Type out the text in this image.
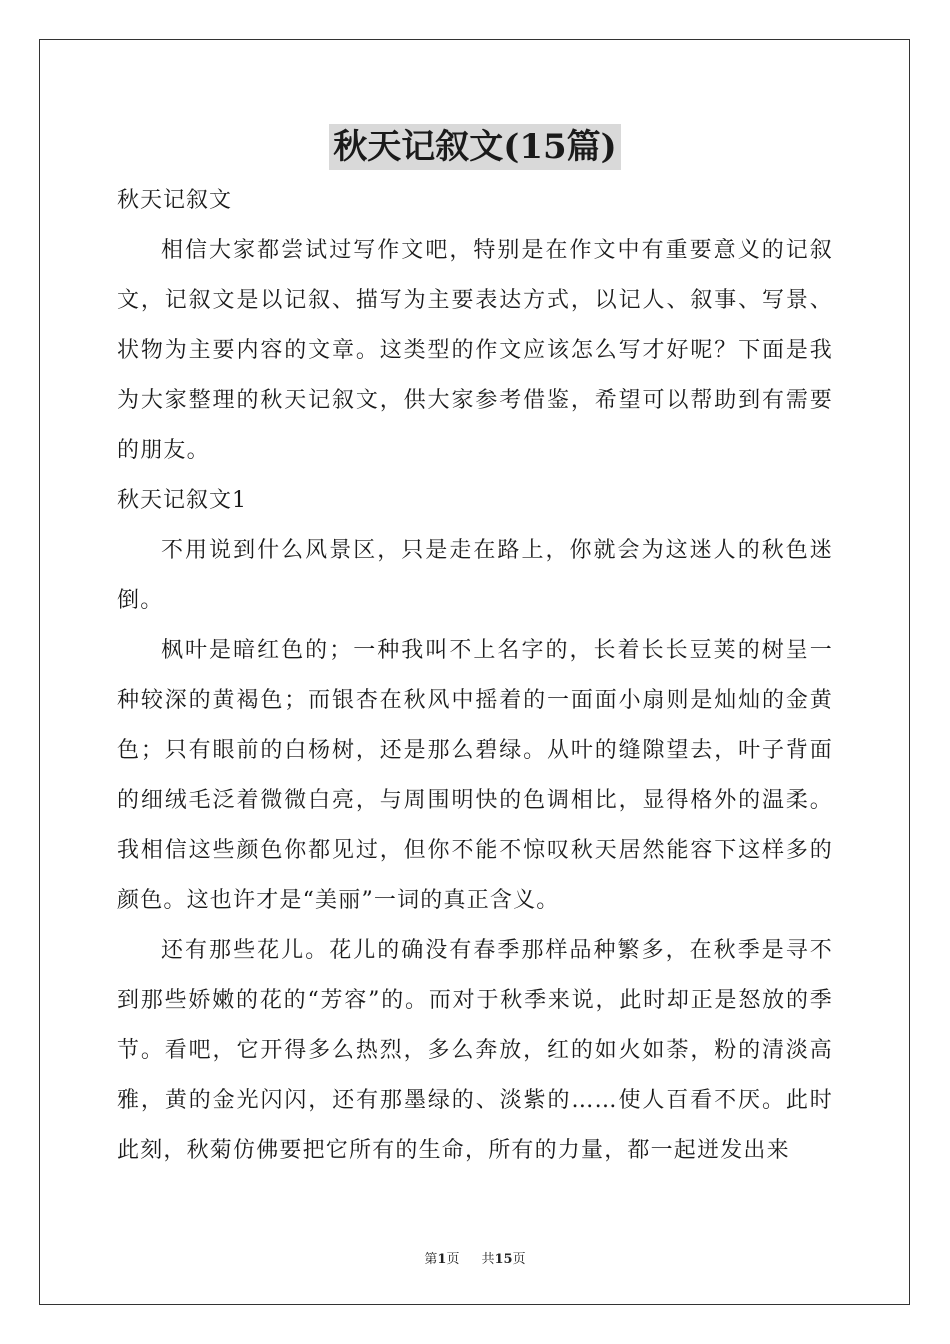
秋天记叙文(15篇)
秋天记叙文

相信大家都尝试过写作文吧，特别是在作文中有重要意义的记叙文，记叙文是以记叙、描写为主要表达方式，以记人、叙事、写景、状物为主要内容的文章。这类型的作文应该怎么写才好呢？下面是我为大家整理的秋天记叙文，供大家参考借鉴，希望可以帮助到有需要的朋友。

秋天记叙文1

不用说到什么风景区，只是走在路上，你就会为这迷人的秋色迷倒。

枫叶是暗红色的；一种我叫不上名字的，长着长长豆荚的树呈一种较深的黄褐色；而银杏在秋风中摇着的一面面小扇则是灿灿的金黄色；只有眼前的白杨树，还是那么碧绿。从叶的缝隙望去，叶子背面的细绒毛泛着微微白亮，与周围明快的色调相比，显得格外的温柔。我相信这些颜色你都见过，但你不能不惊叹秋天居然能容下这样多的颜色。这也许才是“美丽”一词的真正含义。

还有那些花儿。花儿的确没有春季那样品种繁多，在秋季是寻不到那些娇嫩的花的“芳容”的。而对于秋季来说，此时却正是怒放的季节。看吧，它开得多么热烈，多么奔放，红的如火如荼，粉的清淡高雅，黄的金光闪闪，还有那墨绿的、淡紫的……使人百看不厌。此时此刻，秋菊仿佛要把它所有的生命，所有的力量，都一起迸发出来

第1页 共15页
